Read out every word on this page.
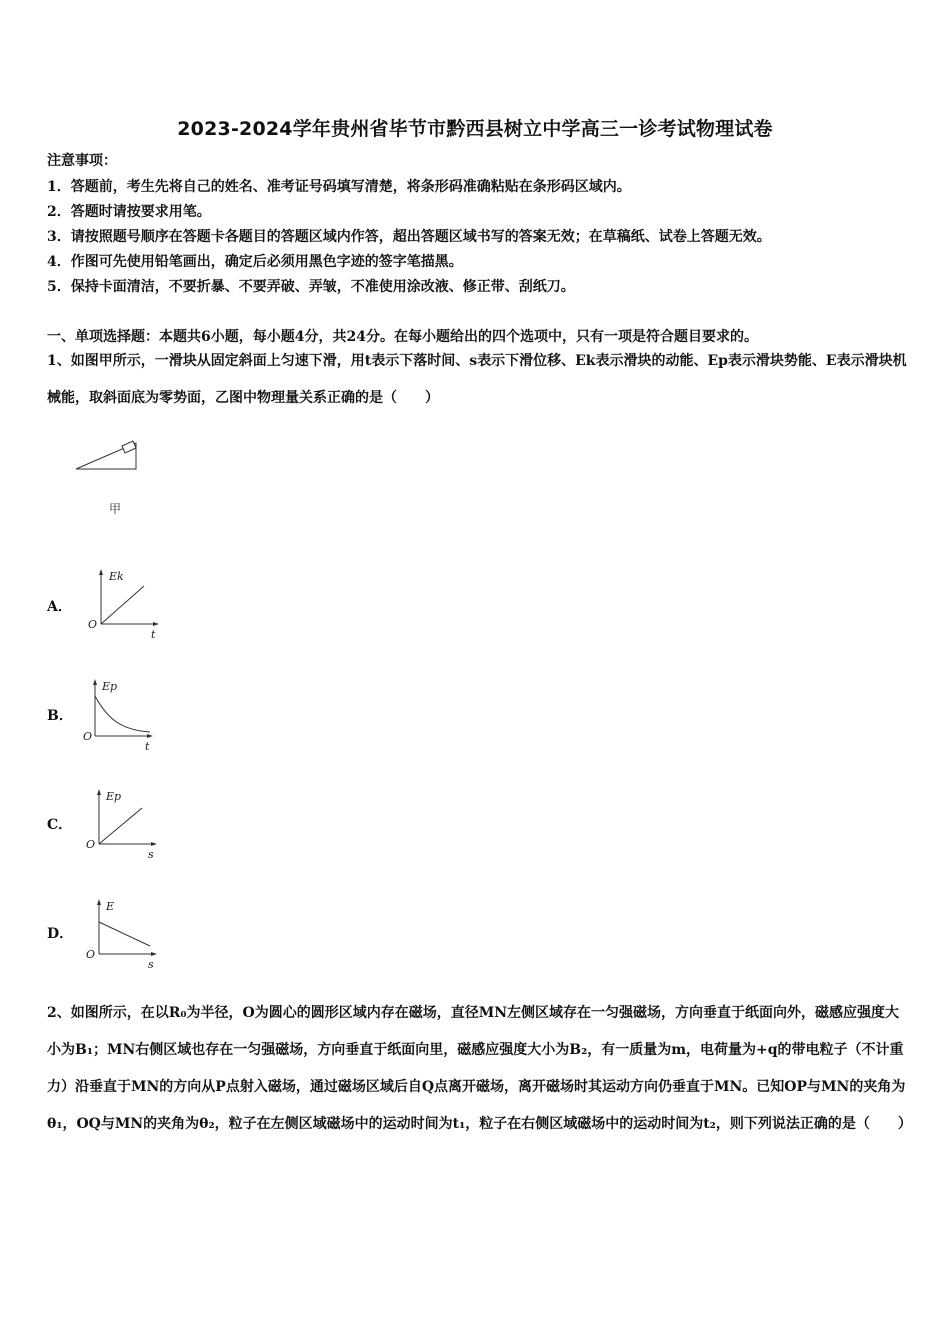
2023-2024学年贵州省毕节市黔西县树立中学高三一诊考试物理试卷
注意事项：
1．答题前，考生先将自己的姓名、准考证号码填写清楚，将条形码准确粘贴在条形码区域内。
2．答题时请按要求用笔。
3．请按照题号顺序在答题卡各题目的答题区域内作答，超出答题区域书写的答案无效；在草稿纸、试卷上答题无效。
4．作图可先使用铅笔画出，确定后必须用黑色字迹的签字笔描黑。
5．保持卡面清洁，不要折暴、不要弄破、弄皱，不准使用涂改液、修正带、刮纸刀。
一、单项选择题：本题共6小题，每小题4分，共24分。在每小题给出的四个选项中，只有一项是符合题目要求的。
1、如图甲所示，一滑块从固定斜面上匀速下滑，用t表示下落时间、s表示下滑位移、Ek表示滑块的动能、Ep表示滑块势能、E表示滑块机械能，取斜面底为零势面，乙图中物理量关系正确的是（　　）
甲
A．
Ek
O
t
B．
Ep
O
t
C．
Ep
O
s
D．
E
O
s
2、如图所示，在以R₀为半径，O为圆心的圆形区域内存在磁场，直径MN左侧区域存在一匀强磁场，方向垂直于纸面向外，磁感应强度大小为B₁；MN右侧区域也存在一匀强磁场，方向垂直于纸面向里，磁感应强度大小为B₂，有一质量为m，电荷量为+q的带电粒子（不计重力）沿垂直于MN的方向从P点射入磁场，通过磁场区域后自Q点离开磁场，离开磁场时其运动方向仍垂直于MN。已知OP与MN的夹角为θ₁，OQ与MN的夹角为θ₂，粒子在左侧区域磁场中的运动时间为t₁，粒子在右侧区域磁场中的运动时间为t₂，则下列说法正确的是（　　）
